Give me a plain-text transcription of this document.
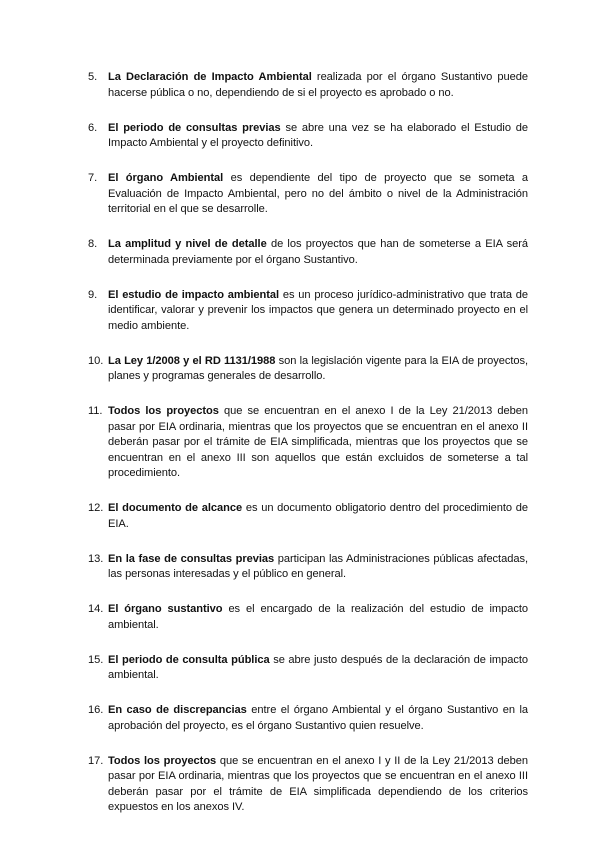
5. La Declaración de Impacto Ambiental realizada por el órgano Sustantivo puede hacerse pública o no, dependiendo de si el proyecto es aprobado o no.
6. El periodo de consultas previas se abre una vez se ha elaborado el Estudio de Impacto Ambiental y el proyecto definitivo.
7. El órgano Ambiental es dependiente del tipo de proyecto que se someta a Evaluación de Impacto Ambiental, pero no del ámbito o nivel de la Administración territorial en el que se desarrolle.
8. La amplitud y nivel de detalle de los proyectos que han de someterse a EIA será determinada previamente por el órgano Sustantivo.
9. El estudio de impacto ambiental es un proceso jurídico-administrativo que trata de identificar, valorar y prevenir los impactos que genera un determinado proyecto en el medio ambiente.
10. La Ley 1/2008 y el RD 1131/1988 son la legislación vigente para la EIA de proyectos, planes y programas generales de desarrollo.
11. Todos los proyectos que se encuentran en el anexo I de la Ley 21/2013 deben pasar por EIA ordinaria, mientras que los proyectos que se encuentran en el anexo II deberán pasar por el trámite de EIA simplificada, mientras que los proyectos que se encuentran en el anexo III son aquellos que están excluidos de someterse a tal procedimiento.
12. El documento de alcance es un documento obligatorio dentro del procedimiento de EIA.
13. En la fase de consultas previas participan las Administraciones públicas afectadas, las personas interesadas y el público en general.
14. El órgano sustantivo es el encargado de la realización del estudio de impacto ambiental.
15. El periodo de consulta pública se abre justo después de la declaración de impacto ambiental.
16. En caso de discrepancias entre el órgano Ambiental y el órgano Sustantivo en la aprobación del proyecto, es el órgano Sustantivo quien resuelve.
17. Todos los proyectos que se encuentran en el anexo I y II de la Ley 21/2013 deben pasar por EIA ordinaria, mientras que los proyectos que se encuentran en el anexo III deberán pasar por el trámite de EIA simplificada dependiendo de los criterios expuestos en los anexos IV.
